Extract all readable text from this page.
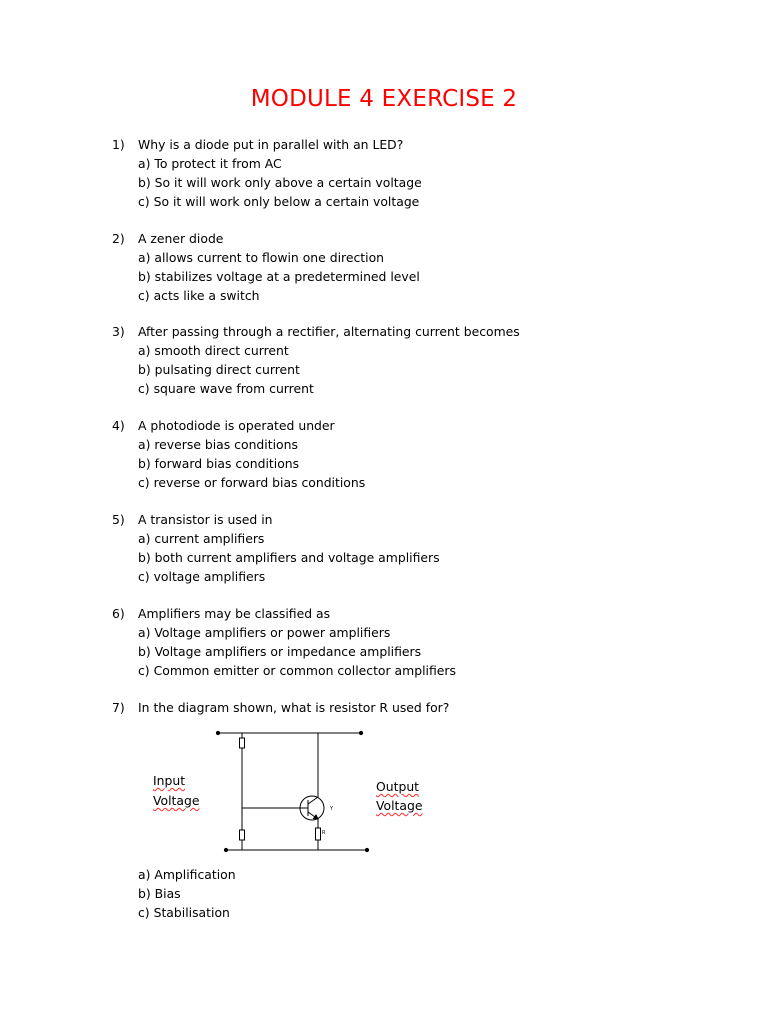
MODULE 4 EXERCISE 2
1)	Why is a diode put in parallel with an LED?
a) To protect it from AC
b) So it will work only above a certain voltage
c) So it will work only below a certain voltage
2)	A zener diode
a) allows current to flowin one direction
b) stabilizes voltage at a predetermined level
c) acts like a switch
3)	After passing through a rectifier, alternating current becomes
a) smooth direct current
b) pulsating direct current
c) square wave from current
4)	A photodiode is operated under
a) reverse bias conditions
b) forward bias conditions
c) reverse or forward bias conditions
5)	A transistor is used in
a) current amplifiers
b) both current amplifiers and voltage amplifiers
c) voltage amplifiers
6)	Amplifiers may be classified as
a) Voltage amplifiers or power amplifiers
b) Voltage amplifiers or impedance amplifiers
c) Common emitter or common collector amplifiers
7)	In the diagram shown, what is resistor R used for?
Y
R
Input
Voltage
Output
Voltage
a) Amplification
b) Bias
c) Stabilisation
